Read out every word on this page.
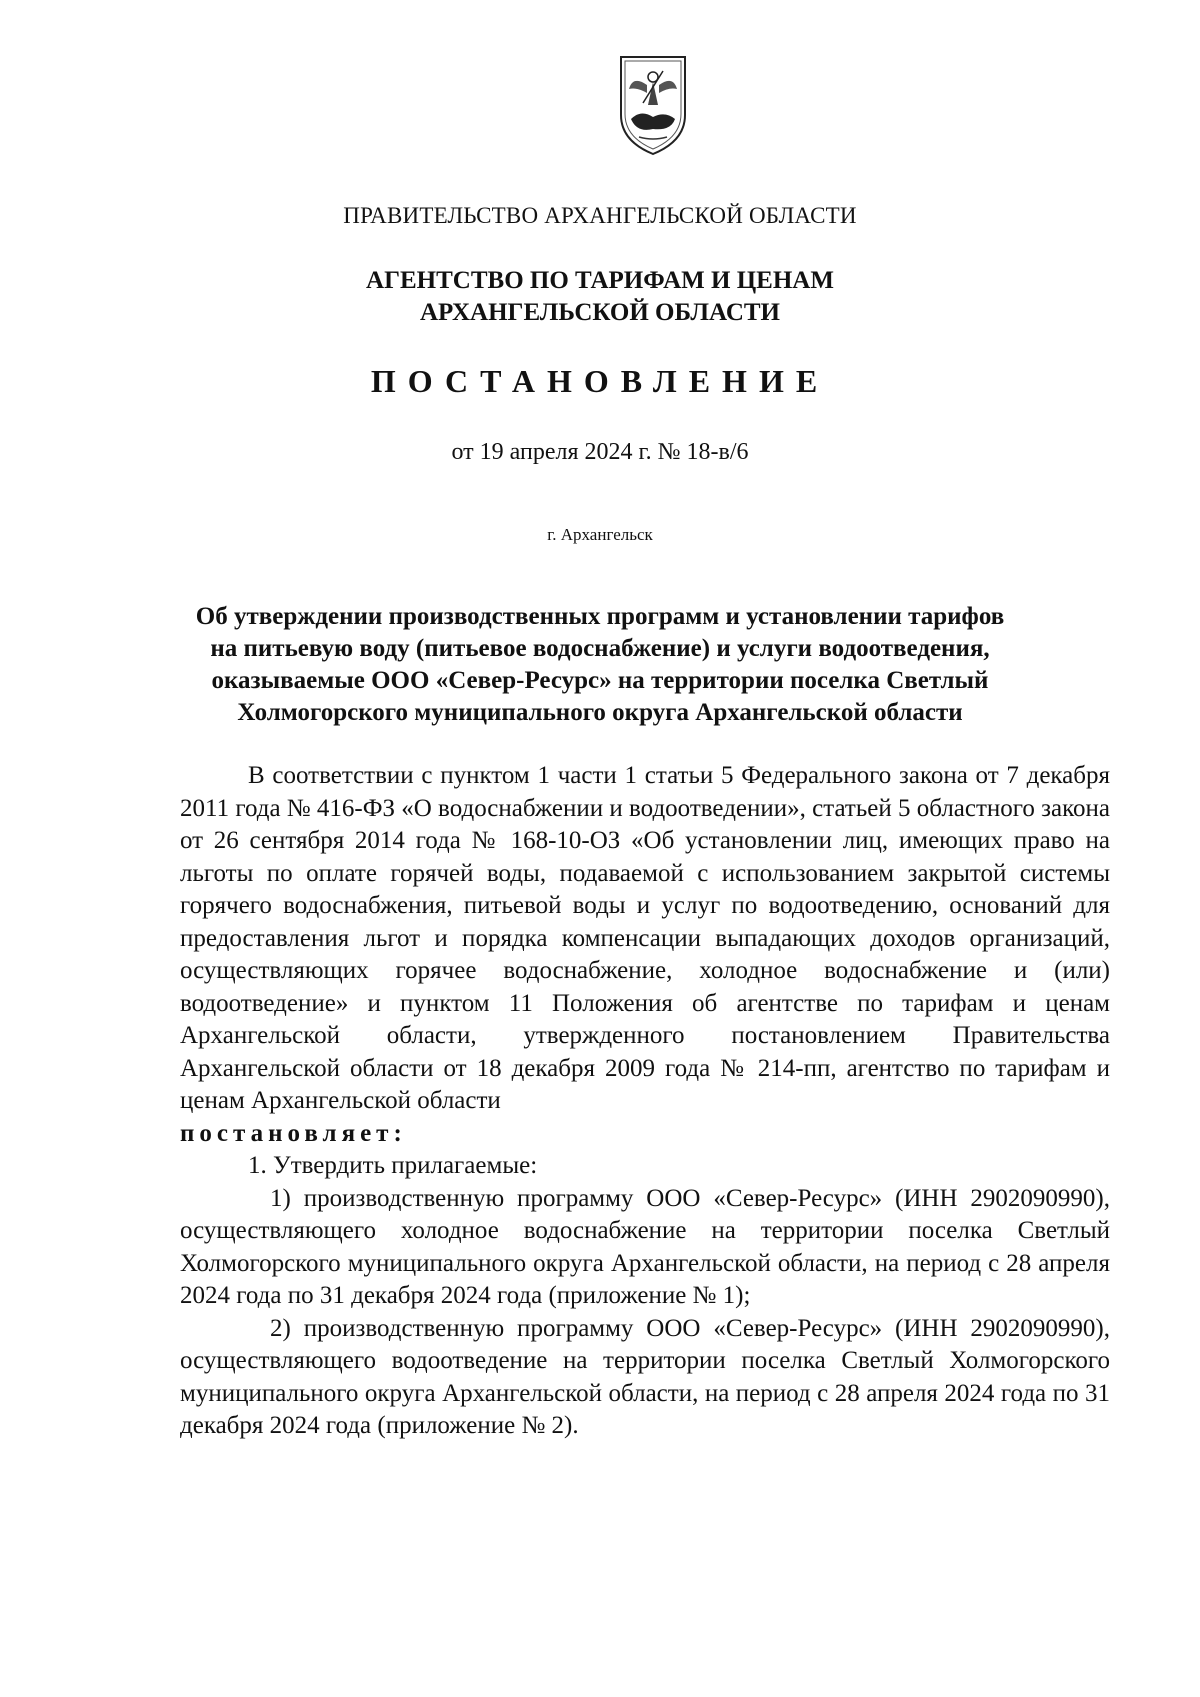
ПРАВИТЕЛЬСТВО АРХАНГЕЛЬСКОЙ ОБЛАСТИ
АГЕНТСТВО ПО ТАРИФАМ И ЦЕНАМ
АРХАНГЕЛЬСКОЙ ОБЛАСТИ
ПОСТАНОВЛЕНИЕ
от 19 апреля 2024 г. № 18-в/6
г. Архангельск
Об утверждении производственных программ и установлении тарифов
на питьевую воду (питьевое водоснабжение) и услуги водоотведения,
оказываемые ООО «Север-Ресурс» на территории поселка Светлый
Холмогорского муниципального округа Архангельской области

В соответствии с пунктом 1 части 1 статьи 5 Федерального закона от 7 декабря 2011 года № 416-ФЗ «О водоснабжении и водоотведении», статьей 5 областного закона от 26 сентября 2014 года № 168-10-ОЗ «Об установлении лиц, имеющих право на льготы по оплате горячей воды, подаваемой с использованием закрытой системы горячего водоснабжения, питьевой воды и услуг по водоотведению, оснований для предоставления льгот и порядка компенсации выпадающих доходов организаций, осуществляющих горячее водоснабжение, холодное водоснабжение и (или) водоотведение» и пунктом 11 Положения об агентстве по тарифам и ценам Архангельской области, утвержденного постановлением Правительства Архангельской области от 18 декабря 2009 года № 214-пп, агентство по тарифам и ценам Архангельской области

постановляет:

1. Утвердить прилагаемые:

1) производственную программу ООО «Север-Ресурс» (ИНН 2902090990), осуществляющего холодное водоснабжение на территории поселка Светлый Холмогорского муниципального округа Архангельской области, на период с 28 апреля 2024 года по 31 декабря 2024 года (приложение № 1);

2) производственную программу ООО «Север-Ресурс» (ИНН 2902090990), осуществляющего водоотведение на территории поселка Светлый Холмогорского муниципального округа Архангельской области, на период с 28 апреля 2024 года по 31 декабря 2024 года (приложение № 2).
